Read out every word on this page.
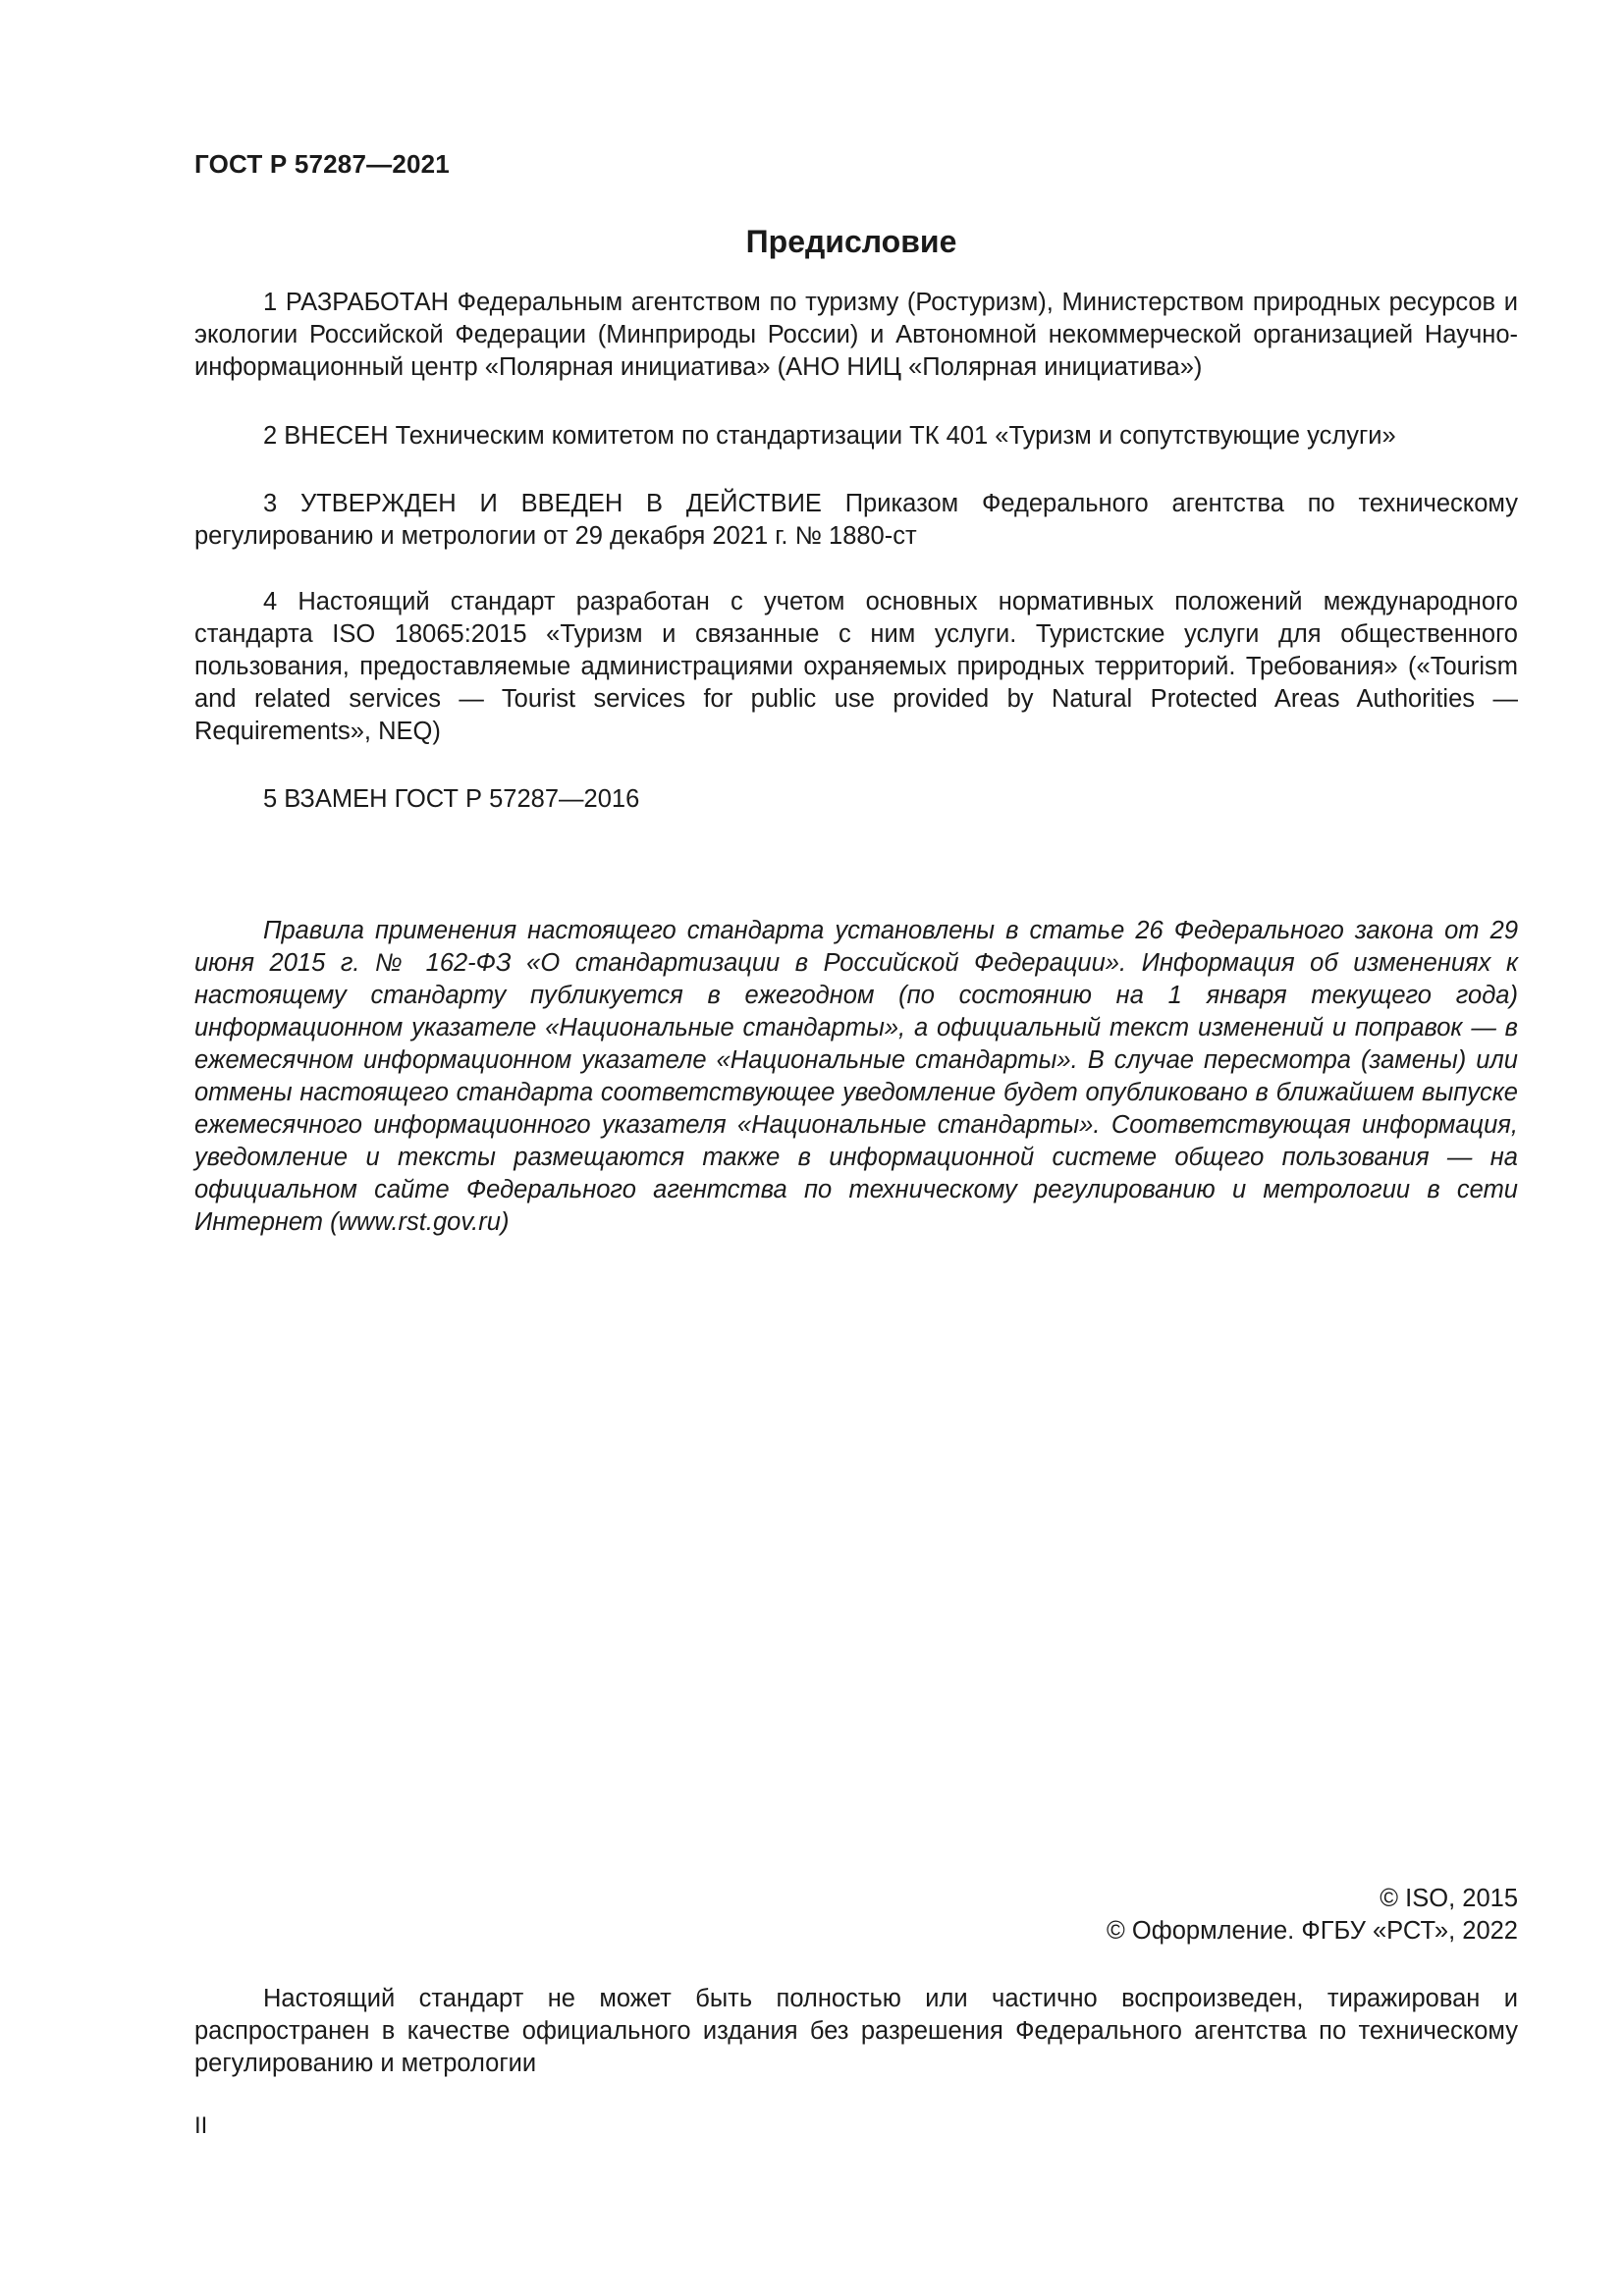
ГОСТ Р 57287—2021
Предисловие

1 РАЗРАБОТАН Федеральным агентством по туризму (Ростуризм), Министерством природных ресурсов и экологии Российской Федерации (Минприроды России) и Автономной некоммерческой организацией Научно-информационный центр «Полярная инициатива» (АНО НИЦ «Полярная инициатива»)

2 ВНЕСЕН Техническим комитетом по стандартизации ТК 401 «Туризм и сопутствующие услуги»

3 УТВЕРЖДЕН И ВВЕДЕН В ДЕЙСТВИЕ Приказом Федерального агентства по техническому регулированию и метрологии от 29 декабря 2021 г. № 1880-ст

4 Настоящий стандарт разработан с учетом основных нормативных положений международного стандарта ISO 18065:2015 «Туризм и связанные с ним услуги. Туристские услуги для общественного пользования, предоставляемые администрациями охраняемых природных территорий. Требования» («Tourism and related services — Tourist services for public use provided by Natural Protected Areas Authorities — Requirements», NEQ)

5 ВЗАМЕН ГОСТ Р 57287—2016

Правила применения настоящего стандарта установлены в статье 26 Федерального закона от 29 июня 2015 г. № 162-ФЗ «О стандартизации в Российской Федерации». Информация об изменениях к настоящему стандарту публикуется в ежегодном (по состоянию на 1 января текущего года) информационном указателе «Национальные стандарты», а официальный текст изменений и поправок — в ежемесячном информационном указателе «Национальные стандарты». В случае пересмотра (замены) или отмены настоящего стандарта соответствующее уведомление будет опубликовано в ближайшем выпуске ежемесячного информационного указателя «Национальные стандарты». Соответствующая информация, уведомление и тексты размещаются также в информационной системе общего пользования — на официальном сайте Федерального агентства по техническому регулированию и метрологии в сети Интернет (www.rst.gov.ru)

© ISO, 2015
© Оформление. ФГБУ «РСТ», 2022

Настоящий стандарт не может быть полностью или частично воспроизведен, тиражирован и распространен в качестве официального издания без разрешения Федерального агентства по техническому регулированию и метрологии

II
